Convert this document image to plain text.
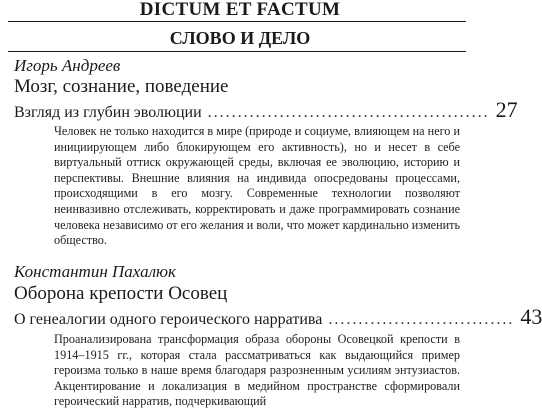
DICTUM ET FACTUM
СЛОВО И ДЕЛО
Игорь Андреев
Мозг, сознание, поведение
Взгляд из глубин эволюции ............................................... 27
Человек не только находится в мире (природе и социуме, влияющем на него и инициирующем либо блокирующем его активность), но и несет в себе виртуальный оттиск окружающей среды, включая ее эволюцию, историю и перспективы. Внешние влияния на индивида опосредованы процессами, происходящими в его мозгу. Современные технологии позволяют неинвазивно отслеживать, корректировать и даже программировать сознание человека независимо от его желания и воли, что может кардинально изменить общество.
Константин Пахалюк
Оборона крепости Осовец
О генеалогии одного героического нарратива ............................... 43
Проанализирована трансформация образа обороны Осовецкой крепости в 1914–1915 гг., которая стала рассматриваться как выдающийся пример героизма только в наше время благодаря разрозненным усилиям энтузиастов. Акцентирование и локализация в медийном пространстве сформировали героический нарратив, подчеркивающий
